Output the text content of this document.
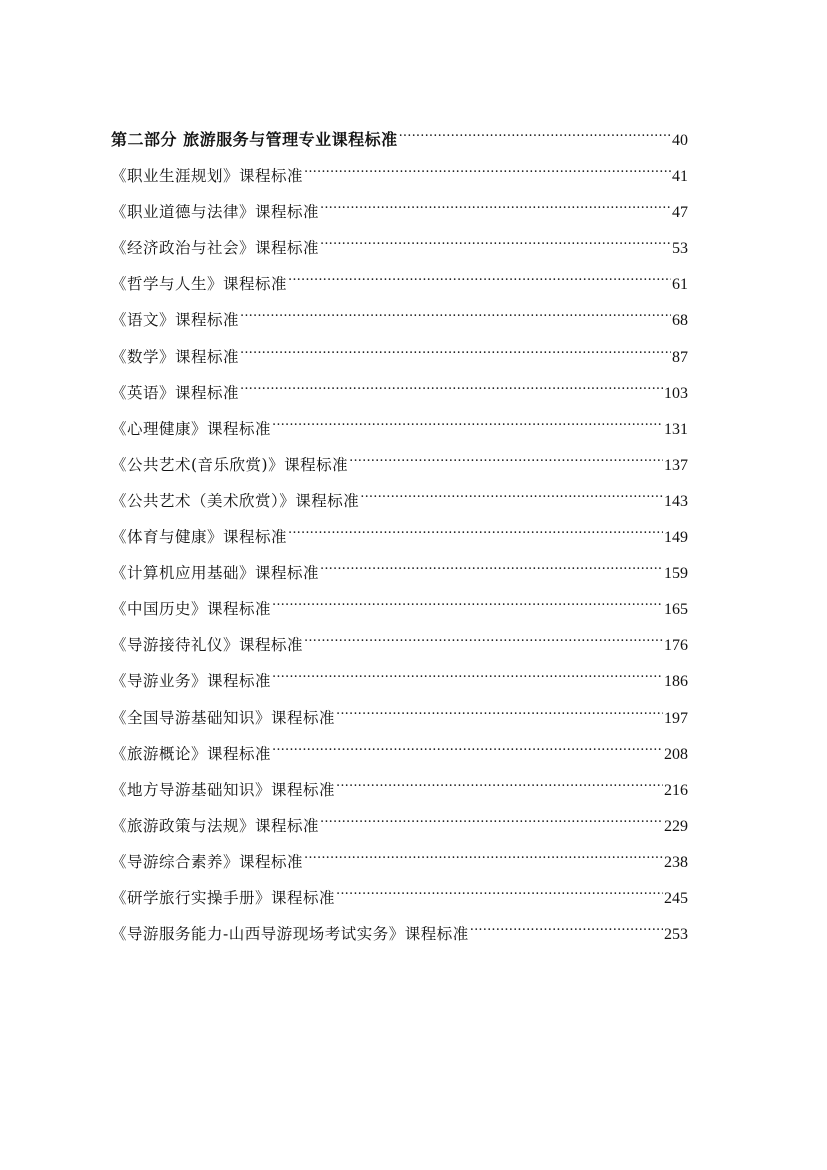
第二部分 旅游服务与管理专业课程标准 .....	40
《职业生涯规划》课程标准 .....	41
《职业道德与法律》课程标准 .....	47
《经济政治与社会》课程标准 .....	53
《哲学与人生》课程标准 .....	61
《语文》课程标准 .....	68
《数学》课程标准 .....	87
《英语》课程标准 .....	103
《心理健康》课程标准 .....	131
《公共艺术(音乐欣赏)》课程标准 .....	137
《公共艺术（美术欣赏）》课程标准 .....	143
《体育与健康》课程标准 .....	149
《计算机应用基础》课程标准 .....	159
《中国历史》课程标准 .....	165
《导游接待礼仪》课程标准 .....	176
《导游业务》课程标准 .....	186
《全国导游基础知识》课程标准 .....	197
《旅游概论》课程标准 .....	208
《地方导游基础知识》课程标准 .....	216
《旅游政策与法规》课程标准 .....	229
《导游综合素养》课程标准 .....	238
《研学旅行实操手册》课程标准 .....	245
《导游服务能力-山西导游现场考试实务》课程标准 .....	253
